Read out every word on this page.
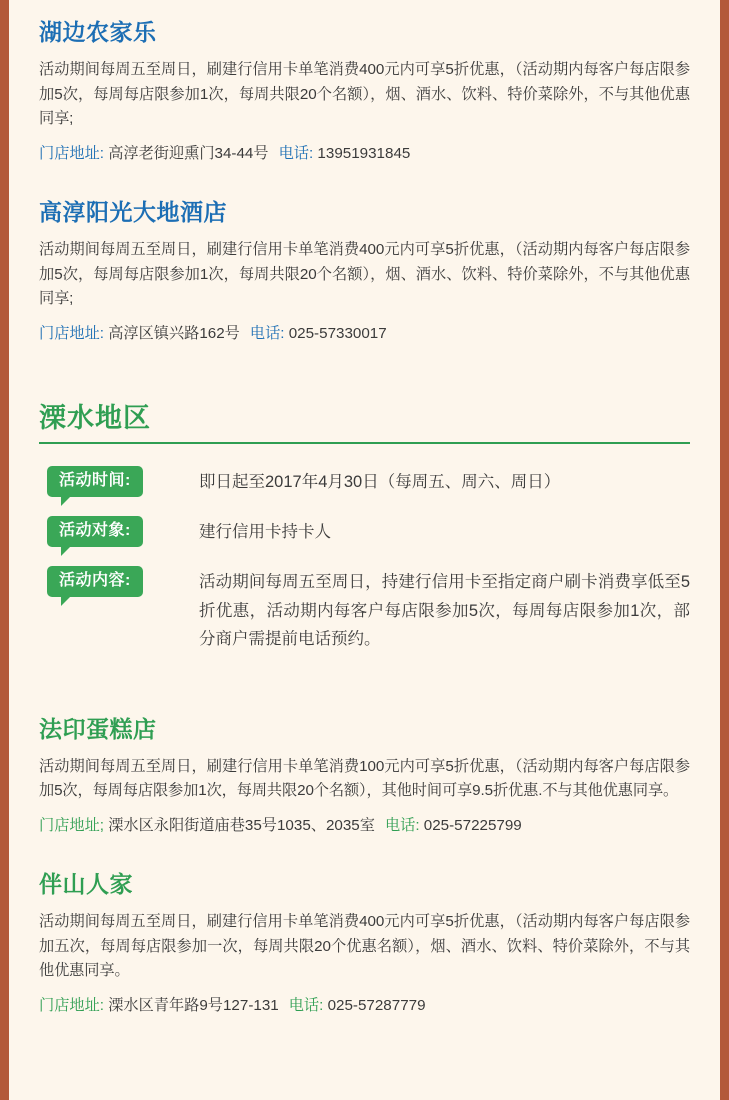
湖边农家乐

活动期间每周五至周日，刷建行信用卡单笔消费400元内可享5折优惠，（活动期内每客户每店限参加5次，每周每店限参加1次，每周共限20个名额），烟、酒水、饮料、特价菜除外，不与其他优惠同享;

门店地址: 高淳老街迎熏门34-44号 电话: 13951931845

高淳阳光大地酒店

活动期间每周五至周日，刷建行信用卡单笔消费400元内可享5折优惠，（活动期内每客户每店限参加5次，每周每店限参加1次，每周共限20个名额），烟、酒水、饮料、特价菜除外，不与其他优惠同享;

门店地址: 高淳区镇兴路162号 电话: 025-57330017

溧水地区
活动时间:	即日起至2017年4月30日（每周五、周六、周日）
活动对象:	建行信用卡持卡人
活动内容:	活动期间每周五至周日，持建行信用卡至指定商户刷卡消费享低至5折优惠，活动期内每客户每店限参加5次，每周每店限参加1次，部分商户需提前电话预约。
法印蛋糕店

活动期间每周五至周日，刷建行信用卡单笔消费100元内可享5折优惠，（活动期内每客户每店限参加5次，每周每店限参加1次，每周共限20个名额），其他时间可享9.5折优惠.不与其他优惠同享。

门店地址; 溧水区永阳街道庙巷35号1035、2035室 电话: 025-57225799

伴山人家

活动期间每周五至周日，刷建行信用卡单笔消费400元内可享5折优惠，（活动期内每客户每店限参加五次，每周每店限参加一次，每周共限20个优惠名额），烟、酒水、饮料、特价菜除外，不与其他优惠同享。

门店地址: 溧水区青年路9号127-131 电话: 025-57287779
